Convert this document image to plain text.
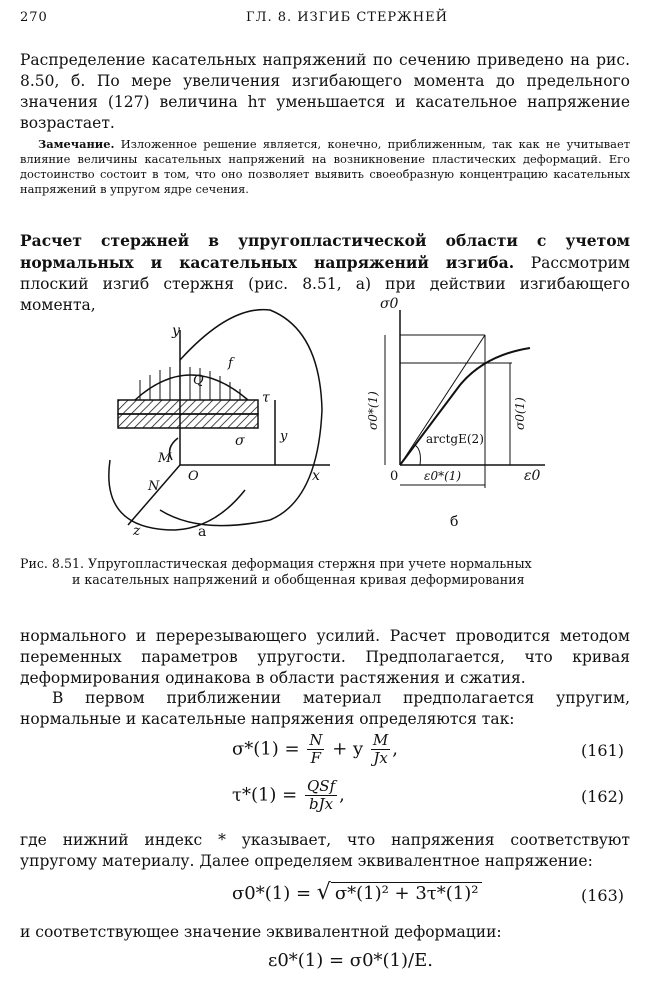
270	ГЛ. 8. ИЗГИБ СТЕРЖНЕЙ
Распределение касательных напряжений по сечению приведено на рис. 8.50, б. По мере увеличения изгибающего момента до предельного значения (127) величина hт уменьшается и касательное напряжение возрастает.
Замечание. Изложенное решение является, конечно, приближенным, так как не учитывает влияние величины касательных напряжений на возникновение пластических деформаций. Его достоинство состоит в том, что оно позволяет выявить своеобразную концентрацию касательных напряжений в упругом ядре сечения.
Расчет стержней в упругопластической области с учетом нормальных и касательных напряжений изгиба. Рассмотрим плоский изгиб стержня (рис. 8.51, а) при действии изгибающего момента,
y
x
z
O
Q
f
τ
σ	y
M
N
а
σ0
0	ε0
σ0*(1)	σ0(1)
arctgE(2)
ε0*(1)
б
Рис. 8.51. Упругопластическая деформация стержня при учете нормальных
и касательных напряжений и обобщенная кривая деформирования
нормального и перерезывающего усилий. Расчет проводится методом переменных параметров упругости. Предполагается, что кривая деформирования одинакова в области растяжения и сжатия.
В первом приближении материал предполагается упругим, нормальные и касательные напряжения определяются так:
$\sigma*(1) = \frac{N}{F} + y \frac{M}{Jx}$ ,	(161)
$\tau*(1) = \frac{\text{QSf}}{\text{bJx}}$ ,	(162)
где нижний индекс * указывает, что напряжения соответствуют упругому материалу. Далее определяем эквивалентное напряжение:
σ0*(1) = √ σ*(1)² + 3τ*(1)²	(163)
и соответствующее значение эквивалентной деформации:
ε0*(1) = σ0*(1)/E.
